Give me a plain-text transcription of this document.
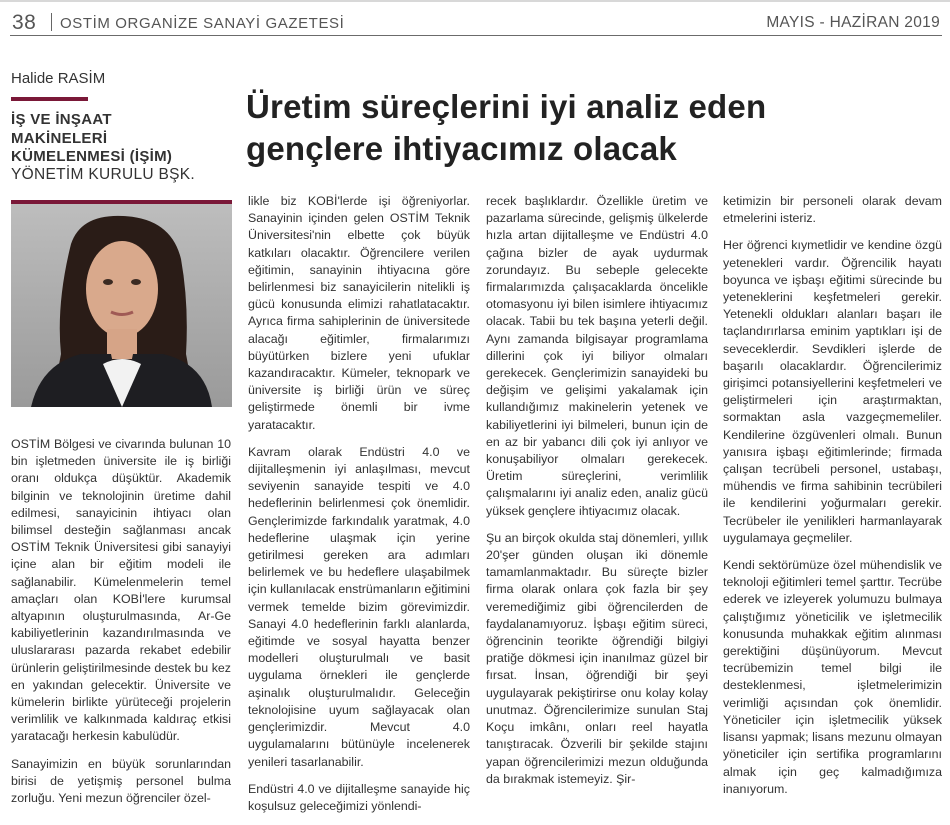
38 OSTİM ORGANİZE SANAYİ GAZETESİ	MAYIS - HAZİRAN 2019
Halide RASİM
İŞ VE İNŞAAT
MAKİNELERİ
KÜMELENMESİ (İŞİM)
YÖNETİM KURULU BŞK.
Üretim süreçlerini iyi analiz eden
gençlere ihtiyacımız olacak

OSTİM Bölgesi ve civarında bulunan 10 bin işletmeden üniversite ile iş birliği oranı oldukça düşüktür. Akademik bilginin ve teknolojinin üretime dahil edilmesi, sanayicinin ihtiyacı olan bilimsel desteğin sağlanması ancak OSTİM Teknik Üniversitesi gibi sanayiyi içine alan bir eğitim modeli ile sağlanabilir. Kümelenmelerin temel amaçları olan KOBİ'lere kurumsal altyapının oluşturulmasında, Ar-Ge kabiliyetlerinin kazandırılmasında ve uluslararası pazarda rekabet edebilir ürünlerin geliştirilmesinde destek bu kez en yakından gelecektir. Üniversite ve kümelerin birlikte yürüteceği projelerin verimlilik ve kalkınmada kaldıraç etkisi yaratacağı herkesin kabulüdür.

Sanayimizin en büyük sorunlarından birisi de yetişmiş personel bulma zorluğu. Yeni mezun öğrenciler özel-

likle biz KOBİ'lerde işi öğreniyorlar. Sanayinin içinden gelen OSTİM Teknik Üniversitesi'nin elbette çok büyük katkıları olacaktır. Öğrencilere verilen eğitimin, sanayinin ihtiyacına göre belirlenmesi biz sanayicilerin nitelikli iş gücü konusunda elimizi rahatlatacaktır. Ayrıca firma sahiplerinin de üniversitede alacağı eğitimler, firmalarımızı büyütürken bizlere yeni ufuklar kazandıracaktır. Kümeler, teknopark ve üniversite iş birliği ürün ve süreç geliştirmede önemli bir ivme yaratacaktır.

Kavram olarak Endüstri 4.0 ve dijitalleşmenin iyi anlaşılması, mevcut seviyenin sanayide tespiti ve 4.0 hedeflerinin belirlenmesi çok önemlidir. Gençlerimizde farkındalık yaratmak, 4.0 hedeflerine ulaşmak için yerine getirilmesi gereken ara adımları belirlemek ve bu hedeflere ulaşabilmek için kullanılacak enstrümanların eğitimini vermek temelde bizim görevimizdir. Sanayi 4.0 hedeflerinin farklı alanlarda, eğitimde ve sosyal hayatta benzer modelleri oluşturulmalı ve basit uygulama örnekleri ile gençlerde aşinalık oluşturulmalıdır. Geleceğin teknolojisine uyum sağlayacak olan gençlerimizdir. Mevcut 4.0 uygulamalarını bütünüyle incelenerek yenileri tasarlanabilir.

Endüstri 4.0 ve dijitalleşme sanayide hiç koşulsuz geleceğimizi yönlendi-

recek başlıklardır. Özellikle üretim ve pazarlama sürecinde, gelişmiş ülkelerde hızla artan dijitalleşme ve Endüstri 4.0 çağına bizler de ayak uydurmak zorundayız. Bu sebeple gelecekte firmalarımızda çalışacaklarda öncelikle otomasyonu iyi bilen isimlere ihtiyacımız olacak. Tabii bu tek başına yeterli değil. Aynı zamanda bilgisayar programlama dillerini çok iyi biliyor olmaları gerekecek. Gençlerimizin sanayideki bu değişim ve gelişimi yakalamak için kullandığımız makinelerin yetenek ve kabiliyetlerini iyi bilmeleri, bunun için de en az bir yabancı dili çok iyi anlıyor ve konuşabiliyor olmaları gerekecek. Üretim süreçlerini, verimlilik çalışmalarını iyi analiz eden, analiz gücü yüksek gençlere ihtiyacımız olacak.

Şu an birçok okulda staj dönemleri, yıllık 20'şer günden oluşan iki dönemle tamamlanmaktadır. Bu süreçte bizler firma olarak onlara çok fazla bir şey veremediğimiz gibi öğrencilerden de faydalanamıyoruz. İşbaşı eğitim süreci, öğrencinin teorikte öğrendiği bilgiyi pratiğe dökmesi için inanılmaz güzel bir fırsat. İnsan, öğrendiği bir şeyi uygulayarak pekiştirirse onu kolay kolay unutmaz. Öğrencilerimize sunulan Staj Koçu imkânı, onları reel hayatla tanıştıracak. Özverili bir şekilde stajını yapan öğrencilerimizi mezun olduğunda da bırakmak istemeyiz. Şir-

ketimizin bir personeli olarak devam etmelerini isteriz.

Her öğrenci kıymetlidir ve kendine özgü yetenekleri vardır. Öğrencilik hayatı boyunca ve işbaşı eğitimi sürecinde bu yeteneklerini keşfetmeleri gerekir. Yetenekli oldukları alanları başarı ile taçlandırırlarsa eminim yaptıkları işi de seveceklerdir. Sevdikleri işlerde de başarılı olacaklardır. Öğrencilerimiz girişimci potansiyellerini keşfetmeleri ve geliştirmeleri için araştırmaktan, sormaktan asla vazgeçmemeliler. Kendilerine özgüvenleri olmalı. Bunun yanısıra işbaşı eğitimlerinde; firmada çalışan tecrübeli personel, ustabaşı, mühendis ve firma sahibinin tecrübileri ile kendilerini yoğurmaları gerekir. Tecrübeler ile yenilikleri harmanlayarak uygulamaya geçmeliler.

Kendi sektörümüze özel mühendislik ve teknoloji eğitimleri temel şarttır. Tecrübe ederek ve izleyerek yolumuzu bulmaya çalıştığımız yöneticilik ve işletmecilik konusunda muhakkak eğitim alınması gerektiğini düşünüyorum. Mevcut tecrübemizin temel bilgi ile desteklenmesi, işletmelerimizin verimliği açısından çok önemlidir. Yöneticiler için işletmecilik yüksek lisansı yapmak; lisans mezunu olmayan yöneticiler için sertifika programlarını almak için geç kalmadığımıza inanıyorum.
